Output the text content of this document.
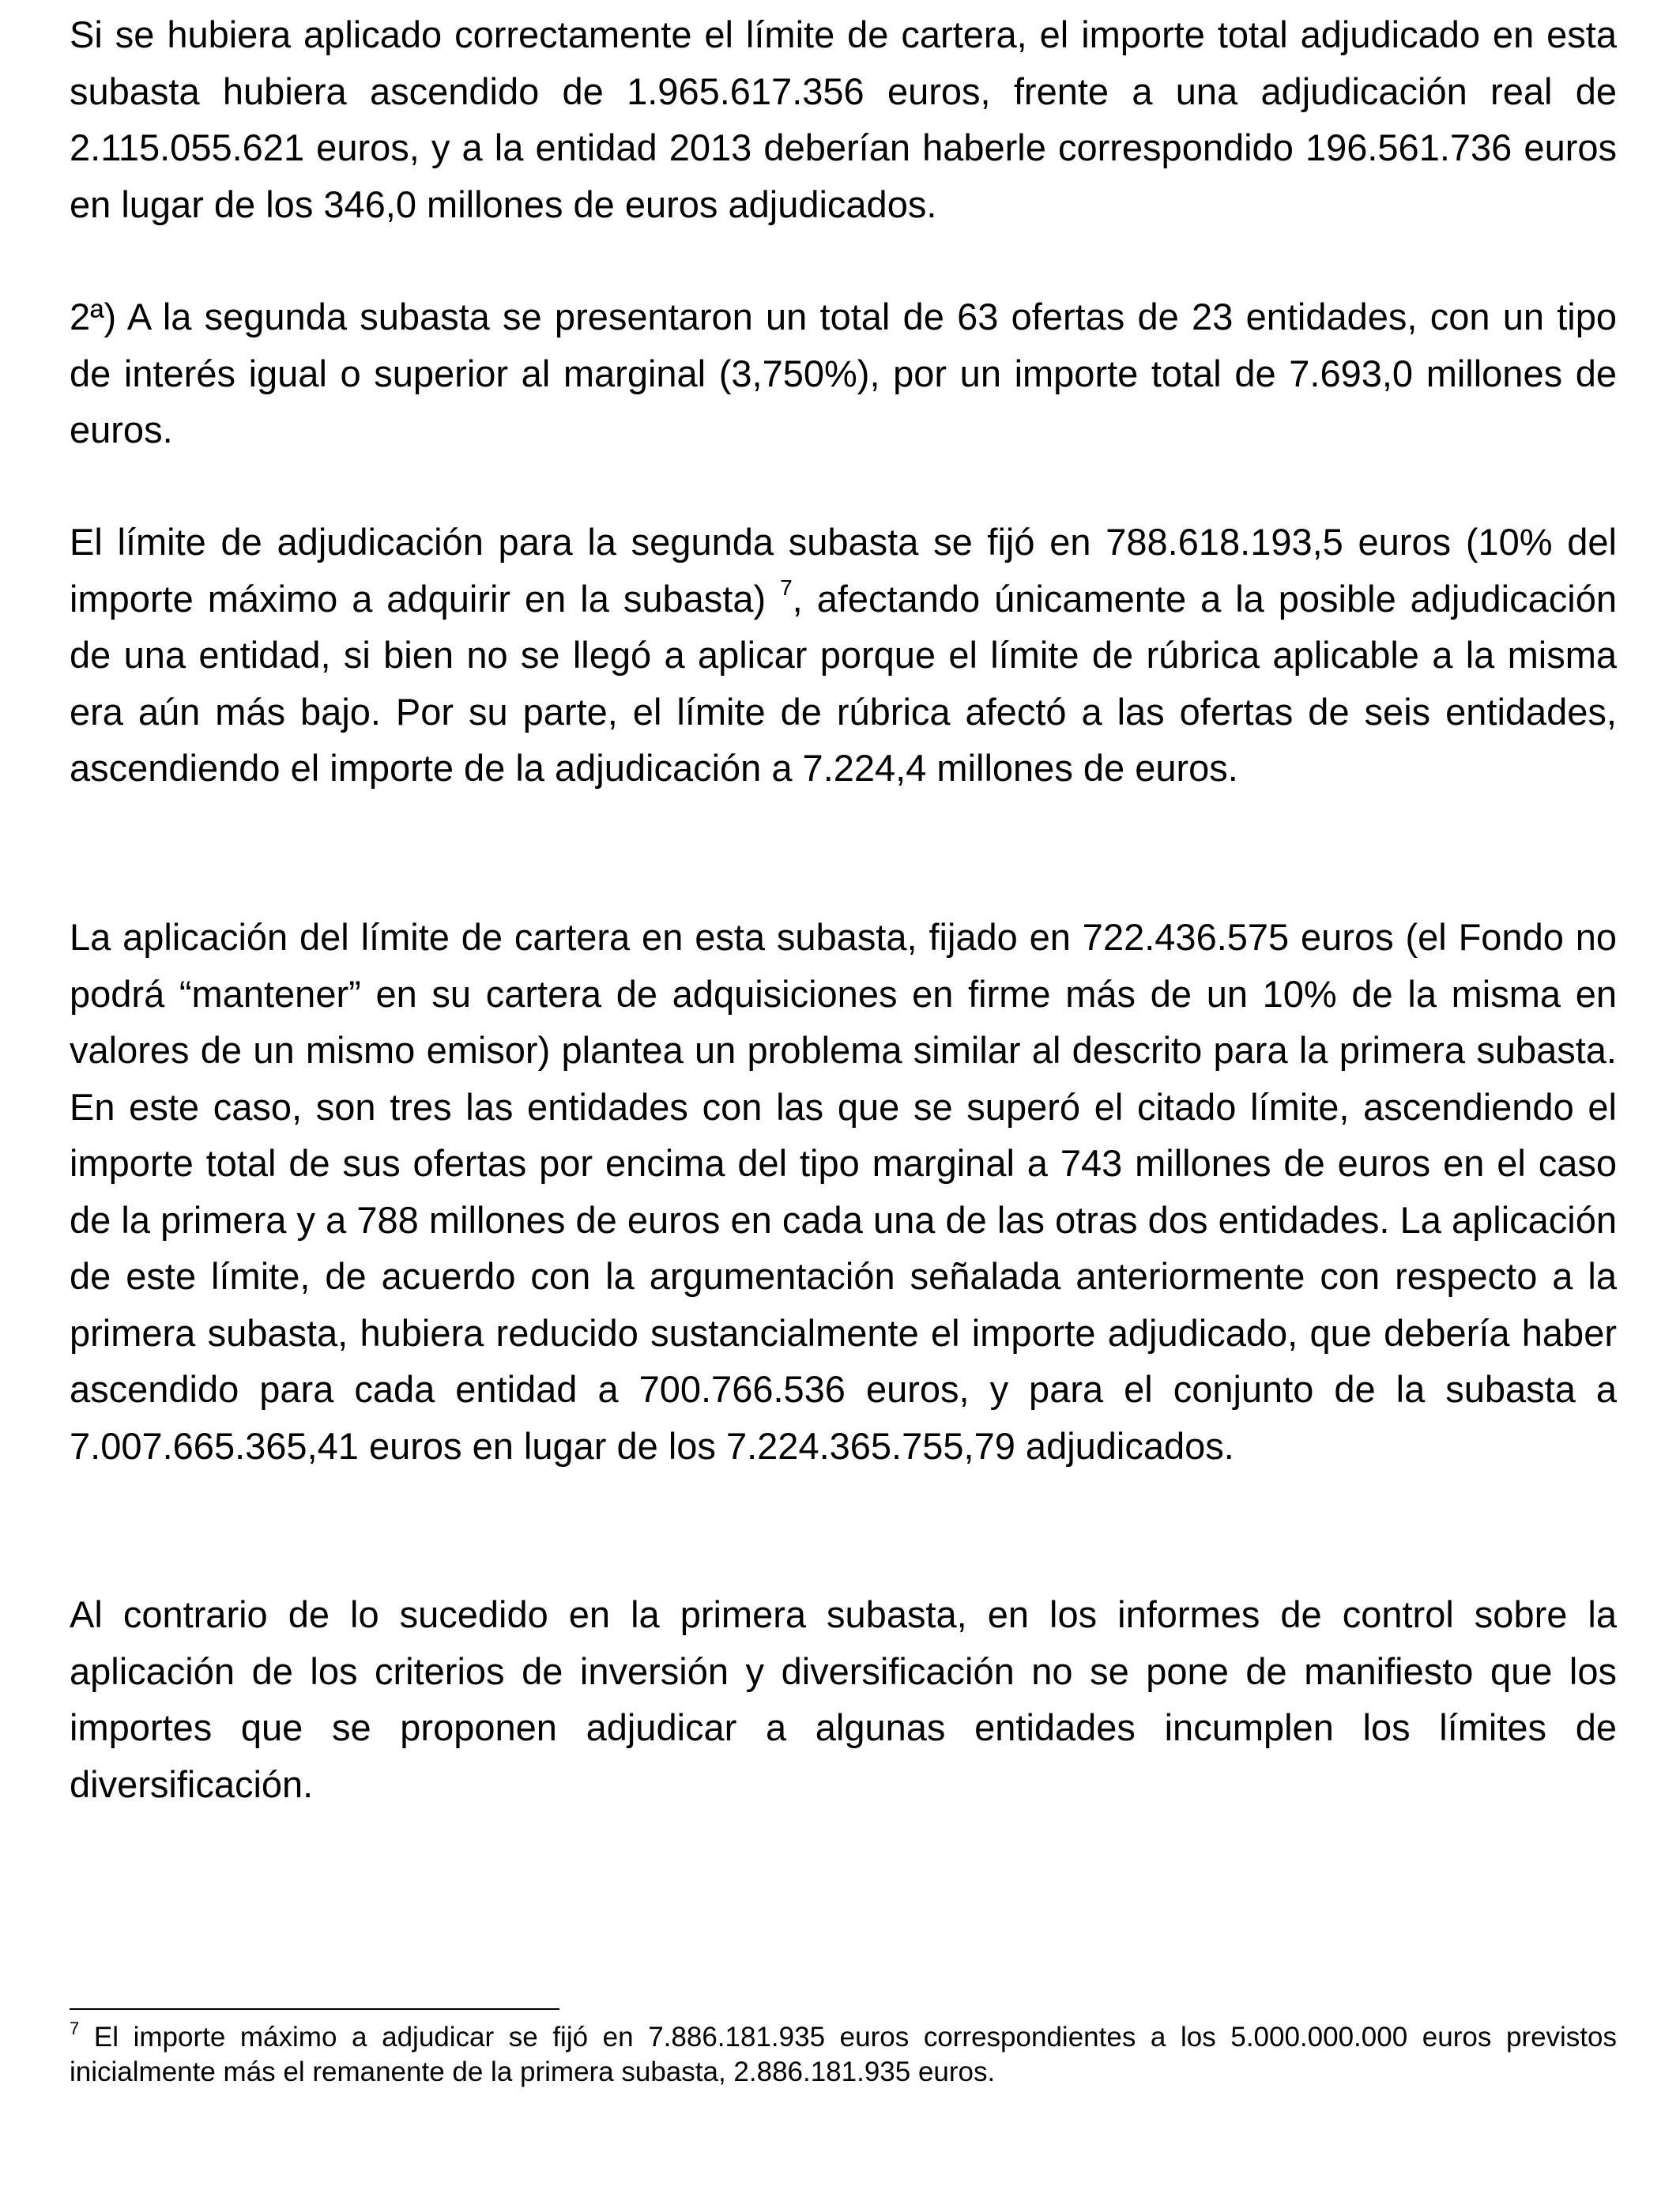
Si se hubiera aplicado correctamente el límite de cartera, el importe total adjudicado en esta subasta hubiera ascendido de 1.965.617.356 euros, frente a una adjudicación real de 2.115.055.621 euros, y a la entidad 2013 deberían haberle correspondido 196.561.736 euros en lugar de los 346,0 millones de euros adjudicados.

2ª) A la segunda subasta se presentaron un total de 63 ofertas de 23 entidades, con un tipo de interés igual o superior al marginal (3,750%), por un importe total de 7.693,0 millones de euros.

El límite de adjudicación para la segunda subasta se fijó en 788.618.193,5 euros (10% del importe máximo a adquirir en la subasta) $^7$, afectando únicamente a la posible adjudicación de una entidad, si bien no se llegó a aplicar porque el límite de rúbrica aplicable a la misma era aún más bajo. Por su parte, el límite de rúbrica afectó a las ofertas de seis entidades, ascendiendo el importe de la adjudicación a 7.224,4 millones de euros.

La aplicación del límite de cartera en esta subasta, fijado en 722.436.575 euros (el Fondo no podrá “mantener” en su cartera de adquisiciones en firme más de un 10% de la misma en valores de un mismo emisor) plantea un problema similar al descrito para la primera subasta. En este caso, son tres las entidades con las que se superó el citado límite, ascendiendo el importe total de sus ofertas por encima del tipo marginal a 743 millones de euros en el caso de la primera y a 788 millones de euros en cada una de las otras dos entidades. La aplicación de este límite, de acuerdo con la argumentación señalada anteriormente con respecto a la primera subasta, hubiera reducido sustancialmente el importe adjudicado, que debería haber ascendido para cada entidad a 700.766.536 euros, y para el conjunto de la subasta a 7.007.665.365,41 euros en lugar de los 7.224.365.755,79 adjudicados.

Al contrario de lo sucedido en la primera subasta, en los informes de control sobre la aplicación de los criterios de inversión y diversificación no se pone de manifiesto que los importes que se proponen adjudicar a algunas entidades incumplen los límites de diversificación.

$^7$ El importe máximo a adjudicar se fijó en 7.886.181.935 euros correspondientes a los 5.000.000.000 euros previstos inicialmente más el remanente de la primera subasta, 2.886.181.935 euros.
